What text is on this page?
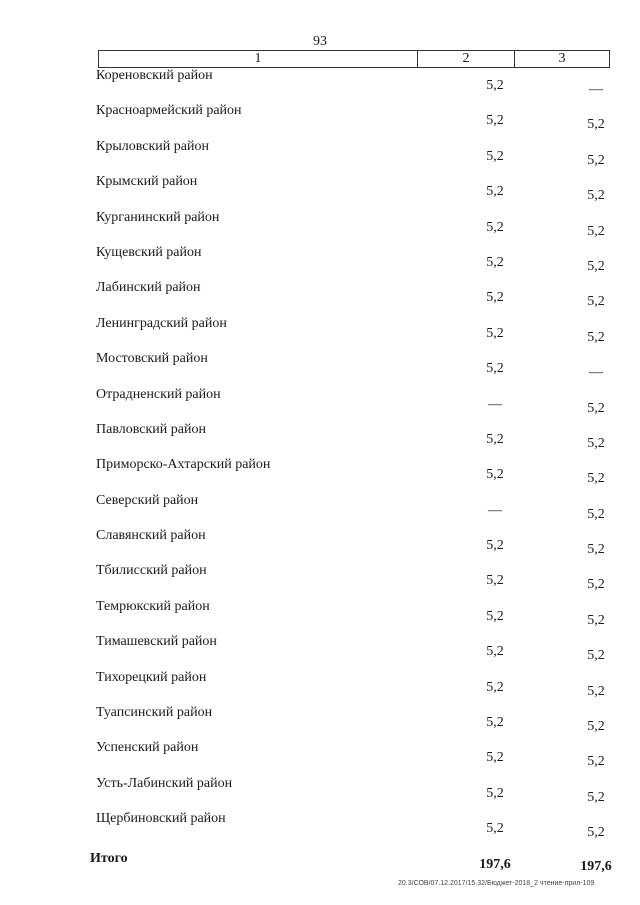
93
1	2	3
Кореновский район
5,2	—
Красноармейский район
5,2	5,2
Крыловский район
5,2	5,2
Крымский район
5,2	5,2
Курганинский район
5,2	5,2
Кущевский район
5,2	5,2
Лабинский район
5,2	5,2
Ленинградский район
5,2	5,2
Мостовский район
5,2	—
Отрадненский район
—	5,2
Павловский район
5,2	5,2
Приморско-Ахтарский район
5,2	5,2
Северский район
—	5,2
Славянский район
5,2	5,2
Тбилисский район
5,2	5,2
Темрюкский район
5,2	5,2
Тимашевский район
5,2	5,2
Тихорецкий район
5,2	5,2
Туапсинский район
5,2	5,2
Успенский район
5,2	5,2
Усть-Лабинский район
5,2	5,2
Щербиновский район
5,2	5,2
Итого	197,6	197,6
20.3/СОВ/07.12.2017/15.32/Бюджет-2018_2 чтение-прил-109
